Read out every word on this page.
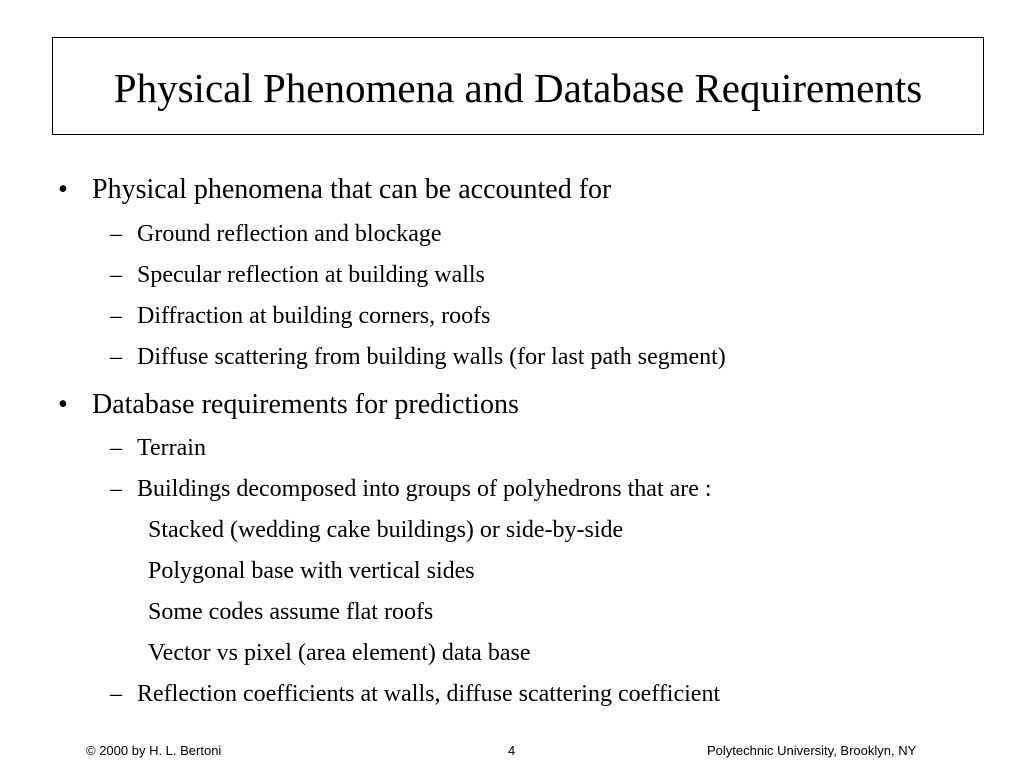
Physical Phenomena and Database Requirements
• Physical phenomena that can be accounted for
– Ground reflection and blockage
– Specular reflection at building walls
– Diffraction at building corners, roofs
– Diffuse scattering from building walls (for last path segment)
• Database requirements for predictions
– Terrain
– Buildings decomposed into groups of polyhedrons that are :
Stacked (wedding cake buildings) or side-by-side
Polygonal base with vertical sides
Some codes assume flat roofs
Vector vs pixel (area element) data base
– Reflection coefficients at walls, diffuse scattering coefficient
© 2000 by H. L. Bertoni	4	Polytechnic University, Brooklyn, NY
